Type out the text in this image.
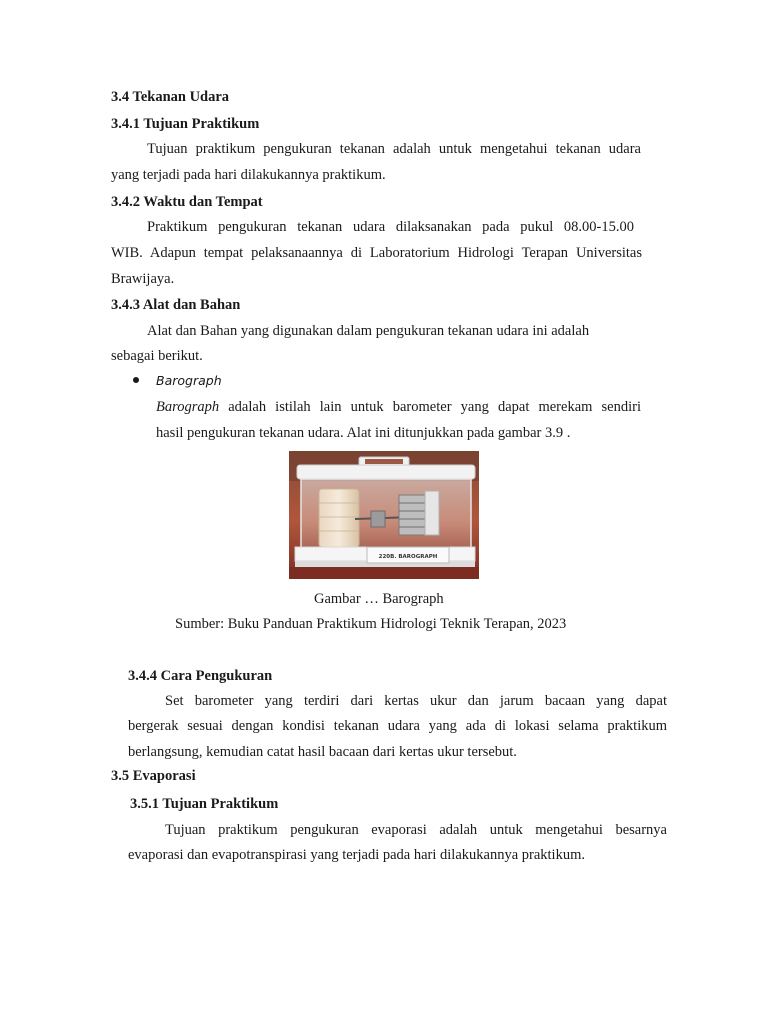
3.4 Tekanan Udara
3.4.1 Tujuan Praktikum
Tujuan praktikum pengukuran tekanan adalah untuk mengetahui tekanan udara
yang terjadi pada hari dilakukannya praktikum.
3.4.2 Waktu dan Tempat
Praktikum pengukuran tekanan udara dilaksanakan pada pukul 08.00-15.00
WIB. Adapun tempat pelaksanaannya di Laboratorium Hidrologi Terapan Universitas
Brawijaya.
3.4.3 Alat dan Bahan
Alat dan Bahan yang digunakan dalam pengukuran tekanan udara ini adalah
sebagai berikut.
Barograph
Barograph adalah istilah lain untuk barometer yang dapat merekam sendiri
hasil pengukuran tekanan udara. Alat ini ditunjukkan pada gambar 3.9 .
220B. BAROGRAPH
Gambar … Barograph
Sumber: Buku Panduan Praktikum Hidrologi Teknik Terapan, 2023
3.4.4 Cara Pengukuran
Set barometer yang terdiri dari kertas ukur dan jarum bacaan yang dapat
bergerak sesuai dengan kondisi tekanan udara yang ada di lokasi selama praktikum
berlangsung, kemudian catat hasil bacaan dari kertas ukur tersebut.
3.5 Evaporasi
3.5.1 Tujuan Praktikum
Tujuan praktikum pengukuran evaporasi adalah untuk mengetahui besarnya
evaporasi dan evapotranspirasi yang terjadi pada hari dilakukannya praktikum.
